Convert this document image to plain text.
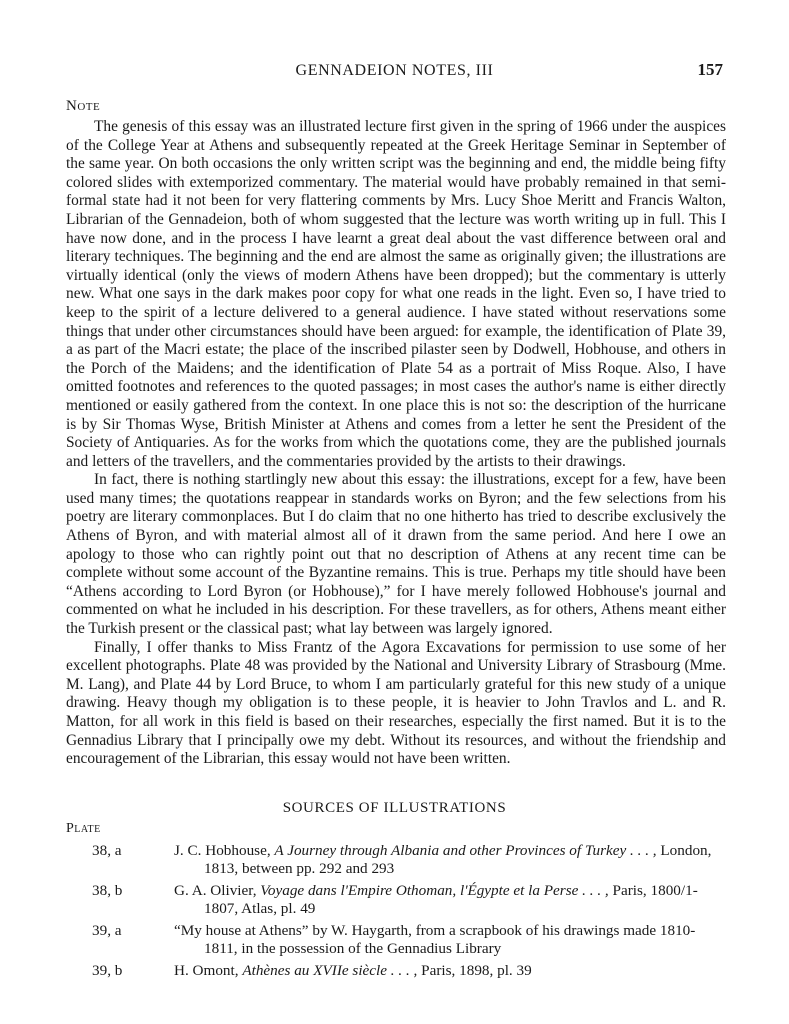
GENNADEION NOTES, III	157
Note

The genesis of this essay was an illustrated lecture first given in the spring of 1966 under the auspices of the College Year at Athens and subsequently repeated at the Greek Heritage Seminar in September of the same year. On both occasions the only written script was the beginning and end, the middle being fifty colored slides with extemporized commentary. The material would have probably remained in that semi-formal state had it not been for very flattering comments by Mrs. Lucy Shoe Meritt and Francis Walton, Librarian of the Gennadeion, both of whom suggested that the lecture was worth writing up in full. This I have now done, and in the process I have learnt a great deal about the vast difference between oral and literary techniques. The beginning and the end are almost the same as originally given; the illustrations are virtually identical (only the views of modern Athens have been dropped); but the commentary is utterly new. What one says in the dark makes poor copy for what one reads in the light. Even so, I have tried to keep to the spirit of a lecture delivered to a general audience. I have stated without reservations some things that under other circumstances should have been argued: for example, the identification of Plate 39, a as part of the Macri estate; the place of the inscribed pilaster seen by Dodwell, Hobhouse, and others in the Porch of the Maidens; and the identification of Plate 54 as a portrait of Miss Roque. Also, I have omitted footnotes and references to the quoted passages; in most cases the author's name is either directly mentioned or easily gathered from the context. In one place this is not so: the description of the hurricane is by Sir Thomas Wyse, British Minister at Athens and comes from a letter he sent the President of the Society of Antiquaries. As for the works from which the quotations come, they are the published journals and letters of the travellers, and the commentaries provided by the artists to their drawings.

In fact, there is nothing startlingly new about this essay: the illustrations, except for a few, have been used many times; the quotations reappear in standards works on Byron; and the few selections from his poetry are literary commonplaces. But I do claim that no one hitherto has tried to describe exclusively the Athens of Byron, and with material almost all of it drawn from the same period. And here I owe an apology to those who can rightly point out that no description of Athens at any recent time can be complete without some account of the Byzantine remains. This is true. Perhaps my title should have been “Athens according to Lord Byron (or Hobhouse),” for I have merely followed Hobhouse's journal and commented on what he included in his description. For these travellers, as for others, Athens meant either the Turkish present or the classical past; what lay between was largely ignored.

Finally, I offer thanks to Miss Frantz of the Agora Excavations for permission to use some of her excellent photographs. Plate 48 was provided by the National and University Library of Strasbourg (Mme. M. Lang), and Plate 44 by Lord Bruce, to whom I am particularly grateful for this new study of a unique drawing. Heavy though my obligation is to these people, it is heavier to John Travlos and L. and R. Matton, for all work in this field is based on their researches, especially the first named. But it is to the Gennadius Library that I principally owe my debt. Without its resources, and without the friendship and encouragement of the Librarian, this essay would not have been written.

SOURCES OF ILLUSTRATIONS
Plate
38, a	J. C. Hobhouse, A Journey through Albania and other Provinces of Turkey . . . , London, 1813, between pp. 292 and 293
38, b	G. A. Olivier, Voyage dans l'Empire Othoman, l'Égypte et la Perse . . . , Paris, 1800/1-1807, Atlas, pl. 49
39, a	“My house at Athens” by W. Haygarth, from a scrapbook of his drawings made 1810-1811, in the possession of the Gennadius Library
39, b	H. Omont, Athènes au XVIIe siècle . . . , Paris, 1898, pl. 39
